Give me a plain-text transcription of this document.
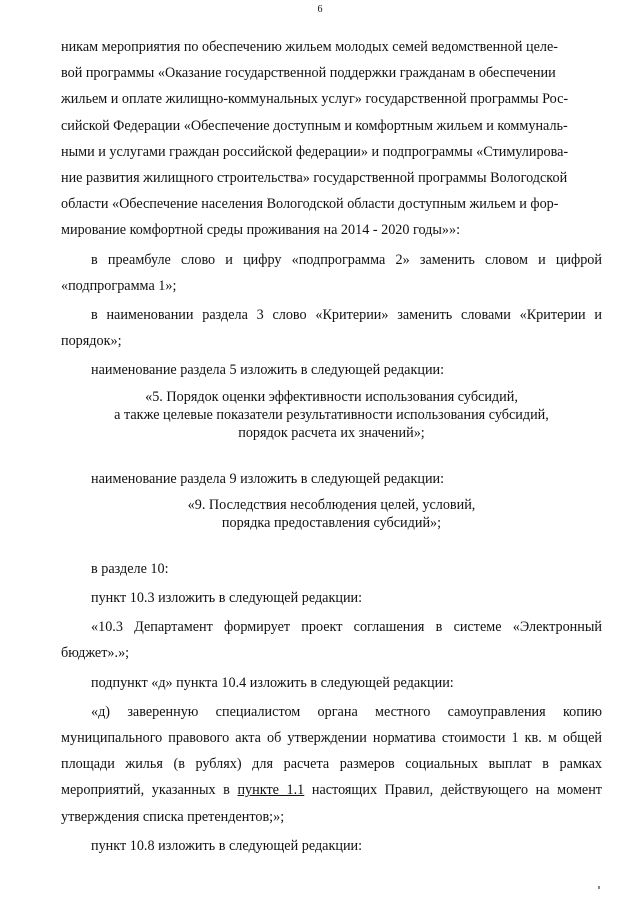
6

никам мероприятия по обеспечению жильем молодых семей ведомственной целе-

вой программы «Оказание государственной поддержки гражданам в обеспечении

жильем и оплате жилищно-коммунальных услуг» государственной программы Рос-

сийской Федерации «Обеспечение доступным и комфортным жильем и коммуналь-

ными и услугами граждан российской федерации» и подпрограммы «Стимулирова-

ние развития жилищного строительства» государственной программы Вологодской

области «Обеспечение населения Вологодской области доступным жильем и фор-

мирование комфортной среды проживания на 2014 - 2020 годы»»:

в преамбуле слово и цифру «подпрограмма 2» заменить словом и цифрой «подпрограмма 1»;

в наименовании раздела 3 слово «Критерии» заменить словами «Критерии и порядок»;

наименование раздела 5 изложить в следующей редакции:

«5. Порядок оценки эффективности использования субсидий,
а также целевые показатели результативности использования субсидий,
порядок расчета их значений»;

наименование раздела 9 изложить в следующей редакции:

«9. Последствия несоблюдения целей, условий,
порядка предоставления субсидий»;

в разделе 10:

пункт 10.3 изложить в следующей редакции:

«10.3 Департамент формирует проект соглашения в системе «Электронный бюджет».»;

подпункт «д» пункта 10.4 изложить в следующей редакции:

«д) заверенную специалистом органа местного самоуправления копию муниципального правового акта об утверждении норматива стоимости 1 кв. м общей площади жилья (в рублях) для расчета размеров социальных выплат в рамках мероприятий, указанных в пункте 1.1 настоящих Правил, действующего на момент утверждения списка претендентов;»;

пункт 10.8 изложить в следующей редакции:
